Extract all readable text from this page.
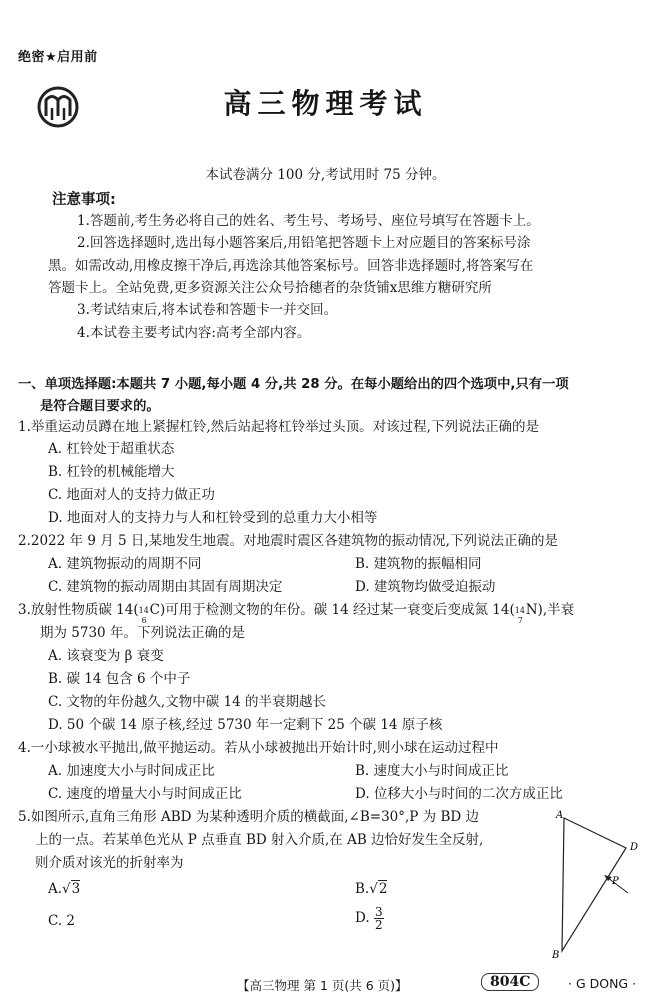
绝密★启用前
高三物理考试
本试卷满分 100 分,考试用时 75 分钟。
注意事项:
1.答题前,考生务必将自己的姓名、考生号、考场号、座位号填写在答题卡上。
2.回答选择题时,选出每小题答案后,用铅笔把答题卡上对应题目的答案标号涂
黑。如需改动,用橡皮擦干净后,再选涂其他答案标号。回答非选择题时,将答案写在
答题卡上。全站免费,更多资源关注公众号拾穗者的杂货铺x思维方糖研究所
3.考试结束后,将本试卷和答题卡一并交回。
4.本试卷主要考试内容:高考全部内容。
一、单项选择题:本题共 7 小题,每小题 4 分,共 28 分。在每小题给出的四个选项中,只有一项
是符合题目要求的。
1.举重运动员蹲在地上紧握杠铃,然后站起将杠铃举过头顶。对该过程,下列说法正确的是
A. 杠铃处于超重状态
B. 杠铃的机械能增大
C. 地面对人的支持力做正功
D. 地面对人的支持力与人和杠铃受到的总重力大小相等
2.2022 年 9 月 5 日,某地发生地震。对地震时震区各建筑物的振动情况,下列说法正确的是
A. 建筑物振动的周期不同	B. 建筑物的振幅相同
C. 建筑物的振动周期由其固有周期决定	D. 建筑物均做受迫振动
3.放射性物质碳 14( 14
6
C)可用于检测文物的年份。碳 14 经过某一衰变后变成氮 14( 14
7
N),半衰
期为 5730 年。下列说法正确的是
A. 该衰变为 β 衰变
B. 碳 14 包含 6 个中子
C. 文物的年份越久,文物中碳 14 的半衰期越长
D. 50 个碳 14 原子核,经过 5730 年一定剩下 25 个碳 14 原子核
4.一小球被水平抛出,做平抛运动。若从小球被抛出开始计时,则小球在运动过程中
A. 加速度大小与时间成正比	B. 速度大小与时间成正比
C. 速度的增量大小与时间成正比	D. 位移大小与时间的二次方成正比
5.如图所示,直角三角形 ABD 为某种透明介质的横截面,∠B=30°,P 为 BD 边
上的一点。若某单色光从 P 点垂直 BD 射入介质,在 AB 边恰好发生全反射,
则介质对该光的折射率为
A.√3	B.√2
C. 2	D. $\frac{3}{2}$
A
D
B
P
【高三物理 第 1 页(共 6 页)】	804C	· G DONG ·
